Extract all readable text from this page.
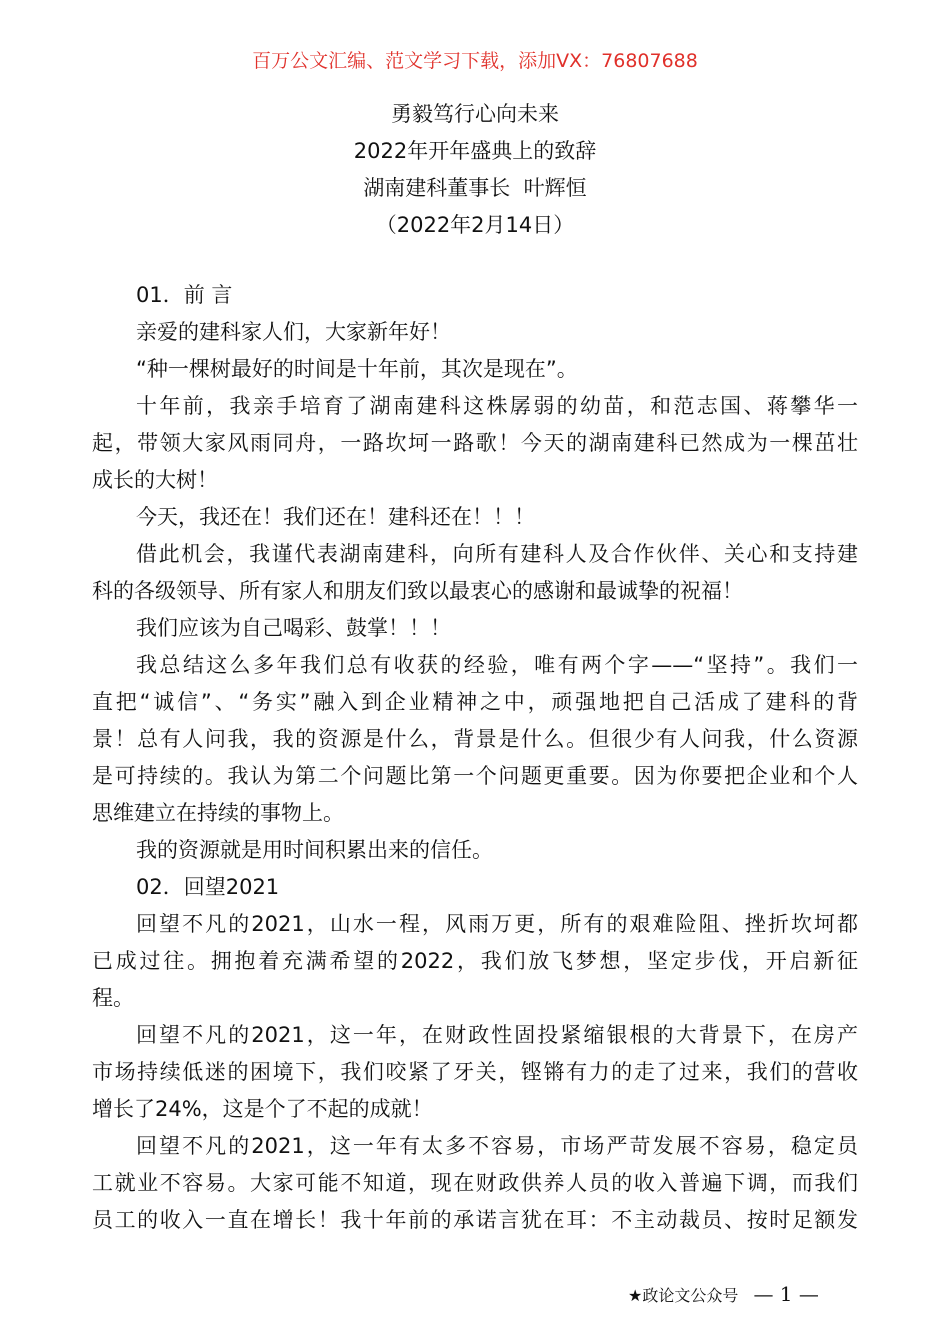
百万公文汇编、范文学习下载，添加VX：76807688
勇毅笃行心向未来
2022年开年盛典上的致辞
湖南建科董事长  叶辉恒
（2022年2月14日）
01．前 言
亲爱的建科家人们，大家新年好！
“种一棵树最好的时间是十年前，其次是现在”。
十年前，我亲手培育了湖南建科这株孱弱的幼苗，和范志国、蒋攀华一
起，带领大家风雨同舟，一路坎坷一路歌！今天的湖南建科已然成为一棵茁壮
成长的大树！
今天，我还在！我们还在！建科还在！！！
借此机会，我谨代表湖南建科，向所有建科人及合作伙伴、关心和支持建
科的各级领导、所有家人和朋友们致以最衷心的感谢和最诚挚的祝福！
我们应该为自己喝彩、鼓掌！！！
我总结这么多年我们总有收获的经验，唯有两个字——“坚持”。我们一
直把“诚信”、“务实”融入到企业精神之中，顽强地把自己活成了建科的背
景！总有人问我，我的资源是什么，背景是什么。但很少有人问我，什么资源
是可持续的。我认为第二个问题比第一个问题更重要。因为你要把企业和个人
思维建立在持续的事物上。
我的资源就是用时间积累出来的信任。
02．回望2021
回望不凡的2021，山水一程，风雨万更，所有的艰难险阻、挫折坎坷都
已成过往。拥抱着充满希望的2022，我们放飞梦想，坚定步伐，开启新征
程。
回望不凡的2021，这一年，在财政性固投紧缩银根的大背景下，在房产
市场持续低迷的困境下，我们咬紧了牙关，铿锵有力的走了过来，我们的营收
增长了24%，这是个了不起的成就！
回望不凡的2021，这一年有太多不容易，市场严苛发展不容易，稳定员
工就业不容易。大家可能不知道，现在财政供养人员的收入普遍下调，而我们
员工的收入一直在增长！我十年前的承诺言犹在耳：不主动裁员、按时足额发
★政论文公众号 — 1 —
